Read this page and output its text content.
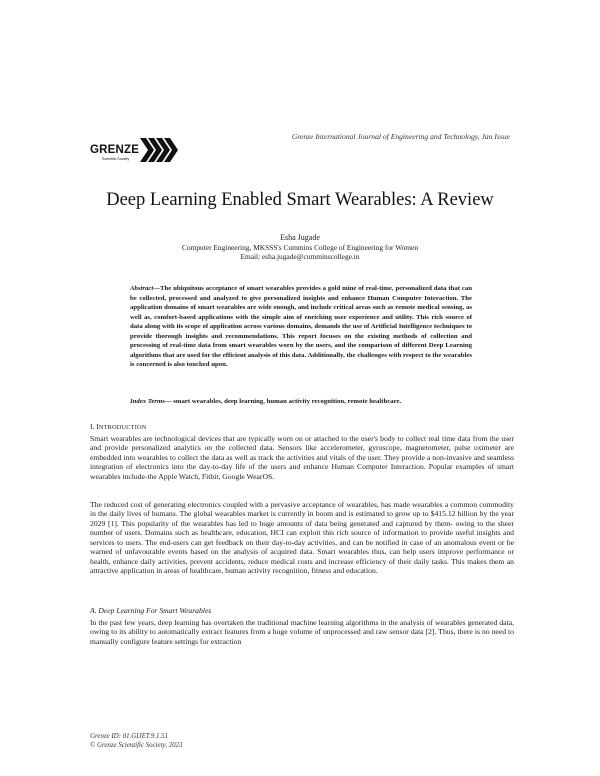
Grenze International Journal of Engineering and Technology, Jan Issue
GRENZE
Scientific Society
Deep Learning Enabled Smart Wearables: A Review
Esha Jugade
Computer Engineering, MKSSS's Cummins College of Engineering for Women
Email: esha.jugade@cumminscollege.in
Abstract—The ubiquitous acceptance of smart wearables provides a gold mine of real-time, personalized data that can be collected, processed and analyzed to give personalized insights and enhance Human Computer Interaction. The application domains of smart wearables are wide enough, and include critical areas such as remote medical sensing, as well as, comfort-based applications with the simple aim of enriching user experience and utility. This rich source of data along with its scope of application across various domains, demands the use of Artificial Intelligence techniques to provide thorough insights and recommendations. This report focuses on the existing methods of collection and processing of real-time data from smart wearables worn by the users, and the comparison of different Deep Learning algorithms that are used for the efficient analysis of this data. Additionally, the challenges with respect to the wearables is concerned is also touched upon.
Index Terms— smart wearables, deep learning, human activity recognition, remote healthcare.
I. INTRODUCTION
Smart wearables are technological devices that are typically worn on or attached to the user's body to collect real time data from the user and provide personalized analytics on the collected data. Sensors like accelerometer, gyroscope, magnetometer, pulse oximeter are embedded into wearables to collect the data as well as track the activities and vitals of the user. They provide a non-invasive and seamless integration of electronics into the day-to-day life of the users and enhance Human Computer Interaction. Popular examples of smart wearables include-the Apple Watch, Fitbit, Google WearOS.
The reduced cost of generating electronics coupled with a pervasive acceptance of wearables, has made wearables a common commodity in the daily lives of humans. The global wearables market is currently in boom and is estimated to grow up to $415.12 billion by the year 2029 [1]. This popularity of the wearables has led to huge amounts of data being generated and captured by them- owing to the sheer number of users. Domains such as healthcare, education, HCI can exploit this rich source of information to provide useful insights and services to users. The end-users can get feedback on their day-to-day activities, and can be notified in case of an anomalous event or be warned of unfavourable events based on the analysis of acquired data. Smart wearables thus, can help users improve performance or health, enhance daily activities, prevent accidents, reduce medical costs and increase efficiency of their daily tasks. This makes them an attractive application in areas of healthcare, human activity recognition, fitness and education.
A. Deep Learning For Smart Wearables
In the past few years, deep learning has overtaken the traditional machine learning algorithms in the analysis of wearables generated data, owing to its ability to automatically extract features from a huge volume of unprocessed and raw sensor data [2]. Thus, there is no need to manually configure feature settings for extraction
Grenze ID: 01.GIJET.9.1.51
© Grenze Scientific Society, 2023
